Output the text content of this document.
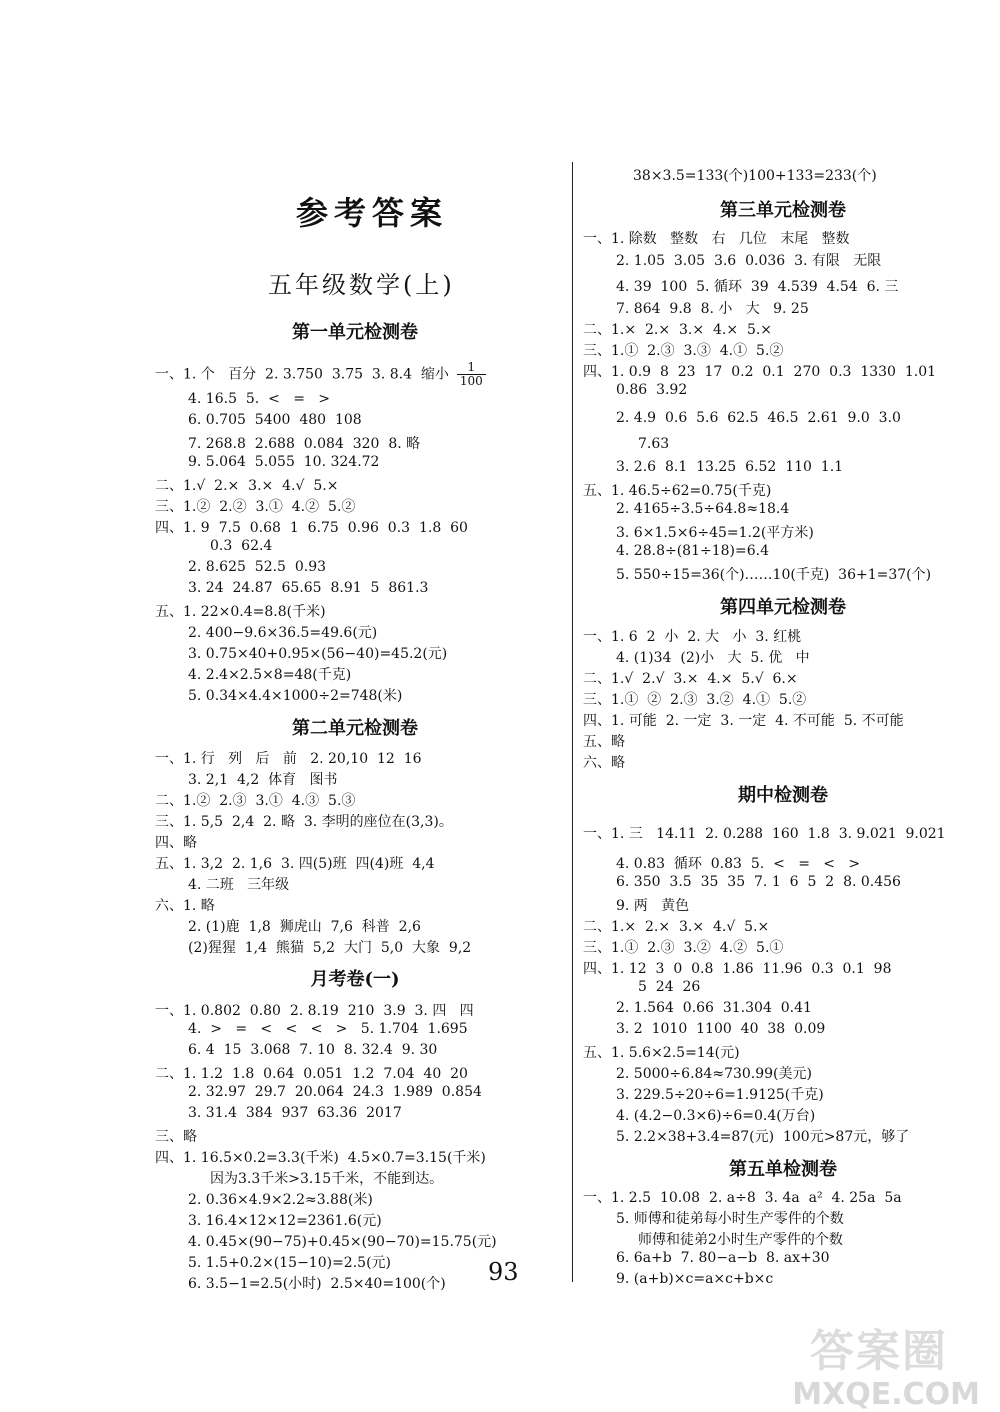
参考答案
五年级数学(上)
第一单元检测卷
一、1. 个   百分  2. 3.750  3.75  3. 8.4  缩小 $\frac{1}{100}$
4. 16.5  5.  <   =   >
6. 0.705  5400  480  108
7. 268.8  2.688  0.084  320  8. 略
9. 5.064  5.055  10. 324.72
二、1.√  2.×  3.×  4.√  5.×
三、1.②  2.②  3.①  4.②  5.②
四、1. 9  7.5  0.68  1  6.75  0.96  0.3  1.8  60
0.3  62.4
2. 8.625  52.5  0.93
3. 24  24.87  65.65  8.91  5  861.3
五、1. 22×0.4=8.8(千米)
2. 400−9.6×36.5=49.6(元)
3. 0.75×40+0.95×(56−40)=45.2(元)
4. 2.4×2.5×8=48(千克)
5. 0.34×4.4×1000÷2=748(米)
第二单元检测卷
一、1. 行   列   后   前   2. 20,10  12  16
3. 2,1  4,2  体育   图书
二、1.②  2.③  3.①  4.③  5.③
三、1. 5,5  2,4  2. 略  3. 李明的座位在(3,3)。
四、略
五、1. 3,2  2. 1,6  3. 四(5)班  四(4)班  4,4
4. 二班   三年级
六、1. 略
2. (1)鹿  1,8  狮虎山  7,6  科普  2,6
(2)猩猩  1,4  熊猫  5,2  大门  5,0  大象  9,2
月考卷(一)
一、1. 0.802  0.80  2. 8.19  210  3.9  3. 四   四
4.  >   =   <   <   <   >   5. 1.704  1.695
6. 4  15  3.068  7. 10  8. 32.4  9. 30
二、1. 1.2  1.8  0.64  0.051  1.2  7.04  40  20
2. 32.97  29.7  20.064  24.3  1.989  0.854
3. 31.4  384  937  63.36  2017
三、略
四、1. 16.5×0.2=3.3(千米)  4.5×0.7=3.15(千米)
因为3.3千米>3.15千米，不能到达。
2. 0.36×4.9×2.2≈3.88(米)
3. 16.4×12×12=2361.6(元)
4. 0.45×(90−75)+0.45×(90−70)=15.75(元)
5. 1.5+0.2×(15−10)=2.5(元)
6. 3.5−1=2.5(小时)  2.5×40=100(个)
38×3.5=133(个)100+133=233(个)
第三单元检测卷
一、1. 除数   整数   右   几位   末尾   整数
2. 1.05  3.05  3.6  0.036  3. 有限   无限
4. 39  100  5. 循环  39  4.539  4.54  6. 三
7. 864  9.8  8. 小   大   9. 25
二、1.×  2.×  3.×  4.×  5.×
三、1.①  2.③  3.③  4.①  5.②
四、1. 0.9  8  23  17  0.2  0.1  270  0.3  1330  1.01
0.86  3.92
2. 4.9  0.6  5.6  62.5  46.5  2.61  9.0  3.0
7.63
3. 2.6  8.1  13.25  6.52  110  1.1
五、1. 46.5÷62=0.75(千克)
2. 4165÷3.5÷64.8≈18.4
3. 6×1.5×6÷45=1.2(平方米)
4. 28.8÷(81÷18)=6.4
5. 550÷15=36(个)……10(千克)  36+1=37(个)
第四单元检测卷
一、1. 6  2  小  2. 大   小  3. 红桃
4. (1)34  (2)小   大  5. 优   中
二、1.√  2.√  3.×  4.×  5.√  6.×
三、1.①  ②  2.③  3.②  4.①  5.②
四、1. 可能  2. 一定  3. 一定  4. 不可能  5. 不可能
五、略
六、略
期中检测卷
一、1. 三   14.11  2. 0.288  160  1.8  3. 9.021  9.021
4. 0.83  循环  0.83  5.  <   =   <   >
6. 350  3.5  35  35  7. 1  6  5  2  8. 0.456
9. 两   黄色
二、1.×  2.×  3.×  4.√  5.×
三、1.①  2.③  3.②  4.②  5.①
四、1. 12  3  0  0.8  1.86  11.96  0.3  0.1  98
5  24  26
2. 1.564  0.66  31.304  0.41
3. 2  1010  1100  40  38  0.09
五、1. 5.6×2.5=14(元)
2. 5000÷6.84≈730.99(美元)
3. 229.5÷20÷6=1.9125(千克)
4. (4.2−0.3×6)÷6=0.4(万台)
5. 2.2×38+3.4=87(元)  100元>87元，够了
第五单检测卷
一、1. 2.5  10.08  2. a÷8  3. 4a  a²  4. 25a  5a
5. 师傅和徒弟每小时生产零件的个数
师傅和徒弟2小时生产零件的个数
6. 6a+b  7. 80−a−b  8. ax+30
9. (a+b)×c=a×c+b×c
93
答案圈
MXQE.COM
